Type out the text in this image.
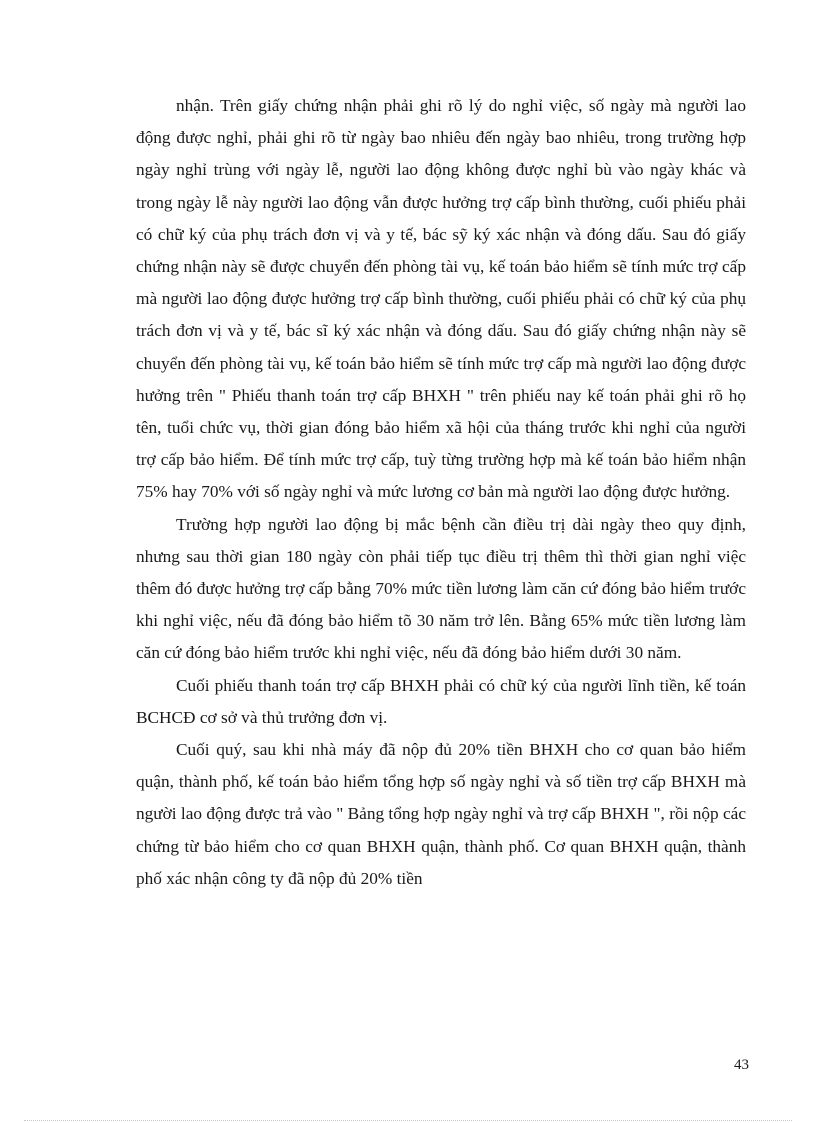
nhận. Trên giấy chứng nhận phải ghi rõ lý do nghỉ việc, số ngày mà người lao động được nghỉ, phải ghi rõ từ ngày bao nhiêu đến ngày bao nhiêu, trong trường hợp ngày nghỉ trùng với ngày lễ, người lao động không được nghỉ bù vào ngày khác và trong ngày lễ này người lao động vẫn được hưởng trợ cấp bình thường, cuối phiếu phải có chữ ký của phụ trách đơn vị và y tế, bác sỹ ký xác nhận và đóng dấu. Sau đó giấy chứng nhận này sẽ được chuyển đến phòng tài vụ, kế toán bảo hiểm sẽ tính mức trợ cấp mà người lao động được hưởng trợ cấp bình thường, cuối phiếu phải có chữ ký của phụ trách đơn vị và y tế, bác sĩ ký xác nhận và đóng dấu. Sau đó giấy chứng nhận này sẽ chuyển đến phòng tài vụ, kế toán bảo hiểm sẽ tính mức trợ cấp mà người lao động được hưởng trên " Phiếu thanh toán trợ cấp BHXH " trên phiếu nay kế toán phải ghi rõ họ tên, tuổi chức vụ, thời gian đóng bảo hiểm xã hội của tháng trước khi nghỉ của người trợ cấp bảo hiểm. Để tính mức trợ cấp, tuỳ từng trường hợp mà kế toán bảo hiểm nhận 75% hay 70% với số ngày nghỉ và mức lương cơ bản mà người lao động được hưởng.

Trường hợp người lao động bị mắc bệnh cần điều trị dài ngày theo quy định, nhưng sau thời gian 180 ngày còn phải tiếp tục điều trị thêm thì thời gian nghỉ việc thêm đó được hưởng trợ cấp bằng 70% mức tiền lương làm căn cứ đóng bảo hiểm trước khi nghỉ việc, nếu đã đóng bảo hiểm tõ 30 năm trở lên. Bằng 65% mức tiền lương làm căn cứ đóng bảo hiểm trước khi nghỉ việc, nếu đã đóng bảo hiểm dưới 30 năm.

Cuối phiếu thanh toán trợ cấp BHXH phải có chữ ký của người lĩnh tiền, kế toán BCHCĐ cơ sở và thủ trưởng đơn vị.

Cuối quý, sau khi nhà máy đã nộp đủ 20% tiền BHXH cho cơ quan bảo hiểm quận, thành phố, kế toán bảo hiểm tổng hợp số ngày nghỉ và số tiền trợ cấp BHXH mà người lao động được trả vào " Bảng tổng hợp ngày nghỉ và trợ cấp BHXH ", rồi nộp các chứng từ bảo hiểm cho cơ quan BHXH quận, thành phố. Cơ quan BHXH quận, thành phố xác nhận công ty đã nộp đủ 20% tiền

43
